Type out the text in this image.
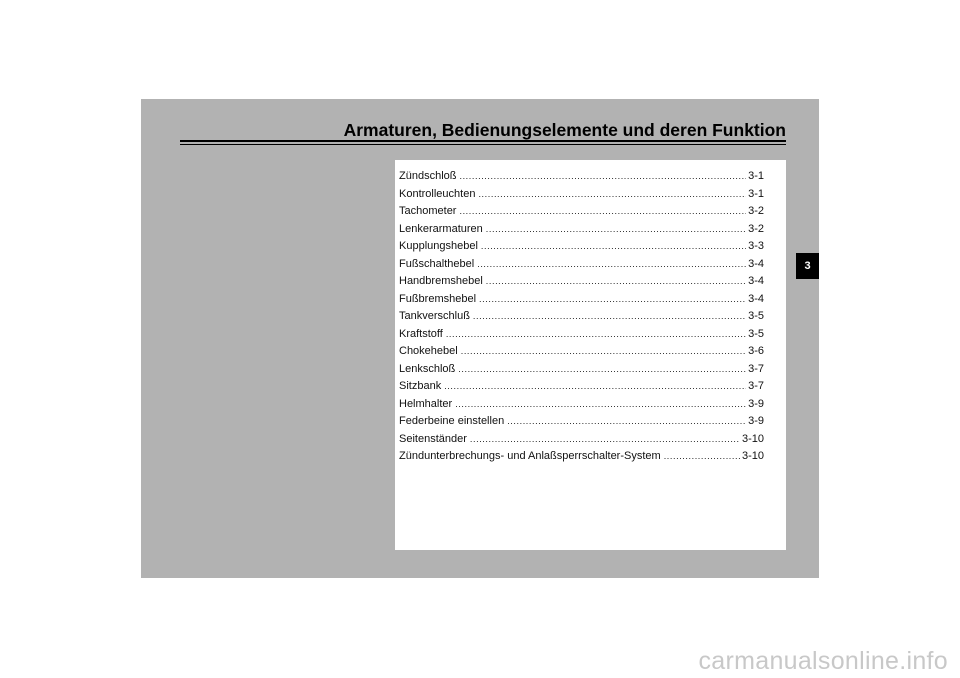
Armaturen, Bedienungselemente und deren Funktion
Zündschloß .....	3-1
Kontrolleuchten .....	3-1
Tachometer .....	3-2
Lenkerarmaturen .....	3-2
Kupplungshebel .....	3-3
Fußschalthebel .....	3-4
Handbremshebel .....	3-4
Fußbremshebel .....	3-4
Tankverschluß .....	3-5
Kraftstoff .....	3-5
Chokehebel .....	3-6
Lenkschloß .....	3-7
Sitzbank .....	3-7
Helmhalter .....	3-9
Federbeine einstellen .....	3-9
Seitenständer .....	3-10
Zündunterbrechungs- und Anlaßsperrschalter-System .....	3-10
3
carmanualsonline.info
